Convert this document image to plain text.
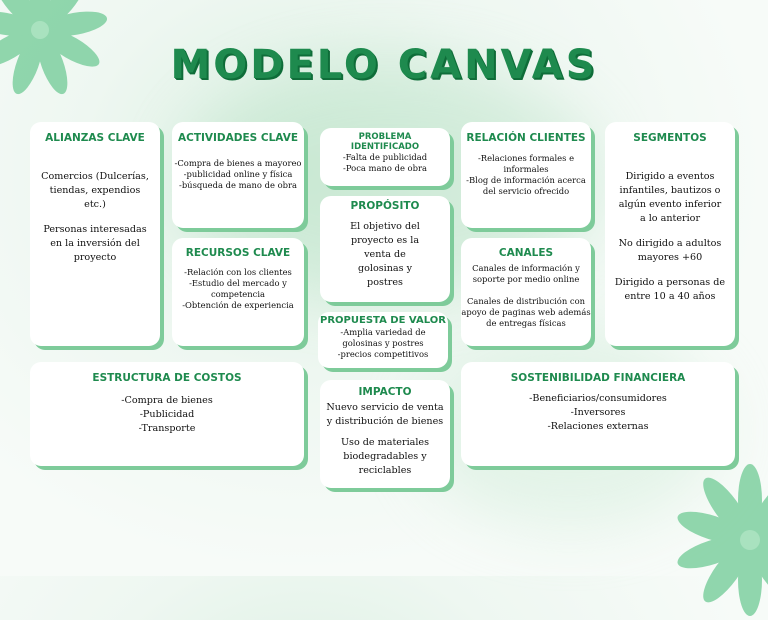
MODELO CANVAS
ALIANZAS CLAVE

Comercios (Dulcerías,

tiendas, expendios

etc.)

Personas interesadas

en la inversión del

proyecto

ACTIVIDADES CLAVE

-Compra de bienes a mayoreo

-publicidad online y física

-búsqueda de mano de obra

RECURSOS CLAVE

-Relación con los clientes

-Estudio del mercado y

competencia

-Obtención de experiencia

PROBLEMA
IDENTIFICADO

-Falta de publicidad

-Poca mano de obra

PROPÓSITO

El objetivo del

proyecto es la

venta de

golosinas y

postres

PROPUESTA DE VALOR

-Amplia variedad de

golosinas y postres

-precios competitivos

IMPACTO

Nuevo servicio de venta

y distribución de bienes

Uso de materiales

biodegradables y

reciclables

RELACIÓN CLIENTES

-Relaciones formales e

informales

-Blog de información acerca

del servicio ofrecido

CANALES

Canales de información y

soporte por medio online

Canales de distribución con

apoyo de paginas web además

de entregas físicas

SEGMENTOS

Dirigido a eventos

infantiles, bautizos o

algún evento inferior

a lo anterior

No dirigido a adultos

mayores +60

Dirigido a personas de

entre 10 a 40 años

ESTRUCTURA DE COSTOS

-Compra de bienes

-Publicidad

-Transporte

SOSTENIBILIDAD FINANCIERA

-Beneficiarios/consumidores

-Inversores

-Relaciones externas
